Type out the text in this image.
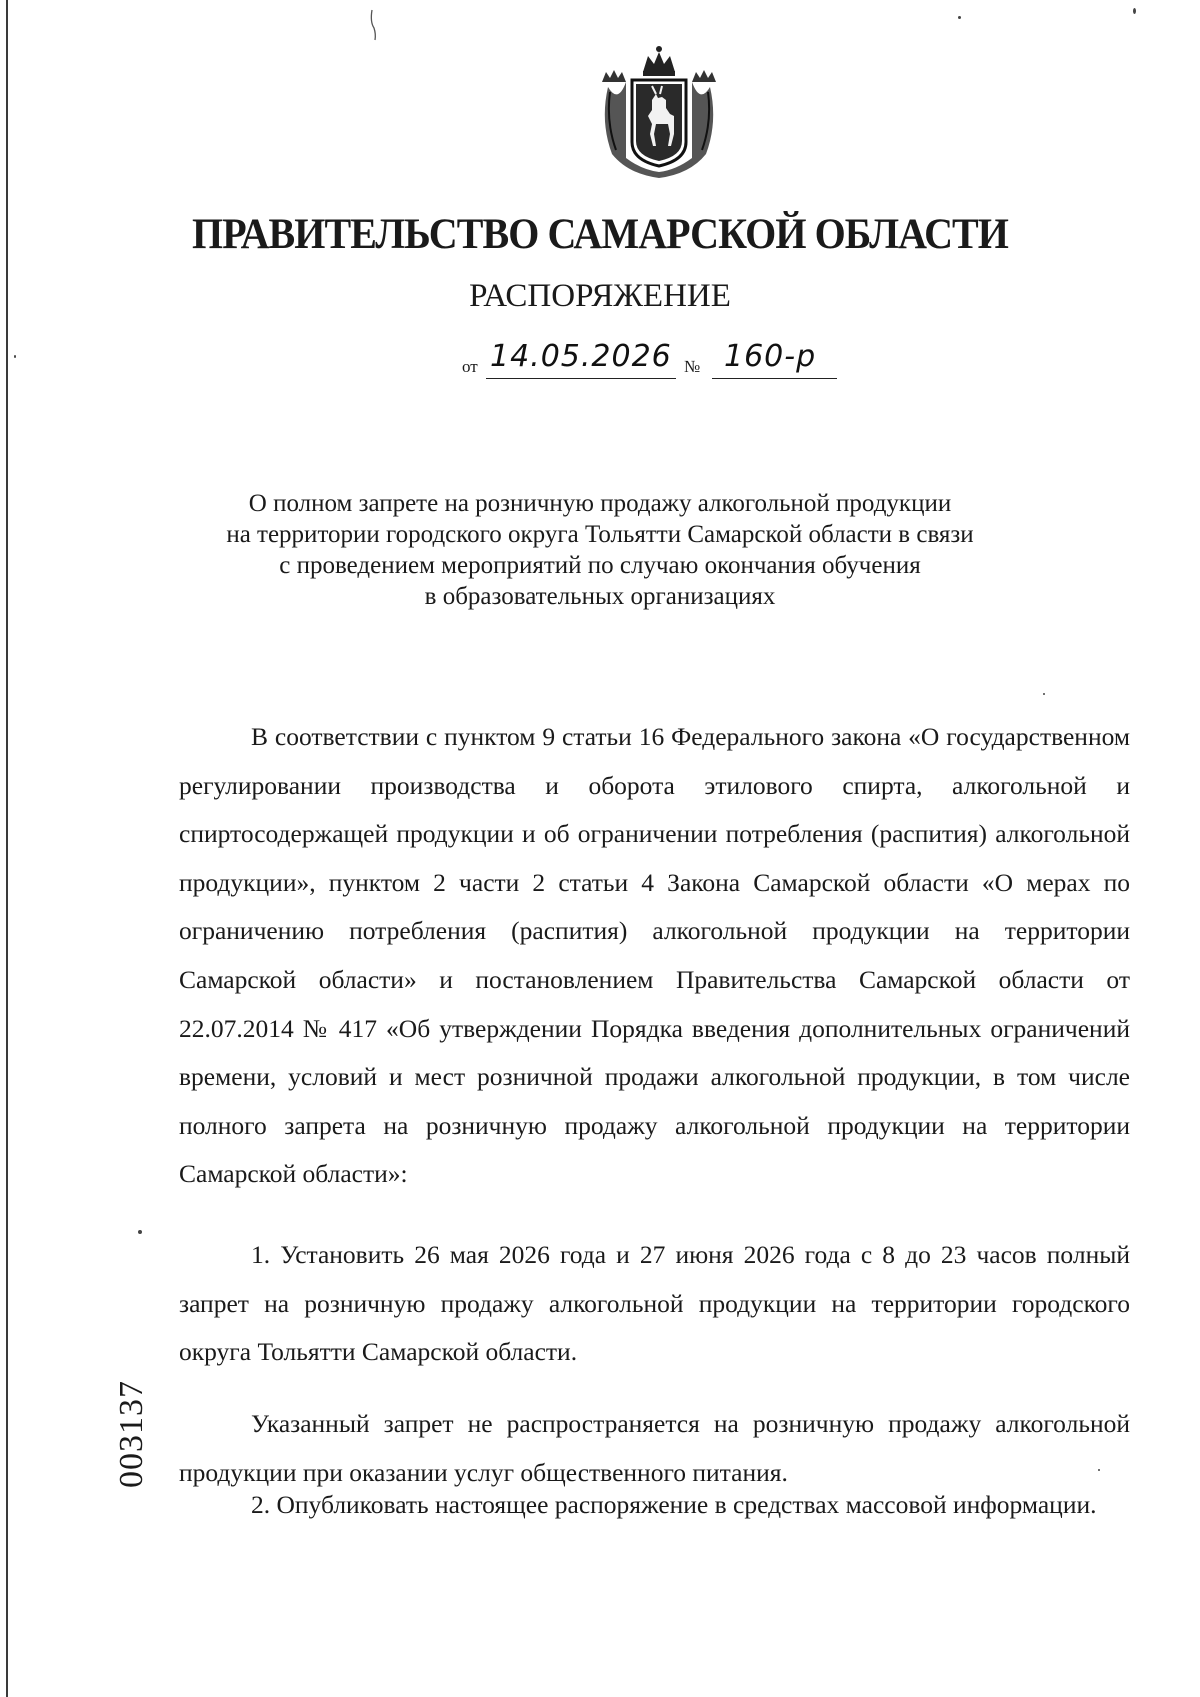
ПРАВИТЕЛЬСТВО САМАРСКОЙ ОБЛАСТИ
РАСПОРЯЖЕНИЕ
от 14.05.2026 № 160-р
О полном запрете на розничную продажу алкогольной продукции
на территории городского округа Тольятти Самарской области в связи
с проведением мероприятий по случаю окончания обучения
в образовательных организациях
В соответствии с пунктом 9 статьи 16 Федерального закона «О государственном регулировании производства и оборота этилового спирта, алкогольной и спиртосодержащей продукции и об ограничении потребления (распития) алкогольной продукции», пунктом 2 части 2 статьи 4 Закона Самарской области «О мерах по ограничению потребления (распития) алкогольной продукции на территории Самарской области» и постановлением Правительства Самарской области от 22.07.2014 № 417 «Об утверждении Порядка введения дополнительных ограничений времени, условий и мест розничной продажи алкогольной продукции, в том числе полного запрета на розничную продажу алкогольной продукции на территории Самарской области»:
1. Установить 26 мая 2026 года и 27 июня 2026 года с 8 до 23 часов полный запрет на розничную продажу алкогольной продукции на территории городского округа Тольятти Самарской области.
Указанный запрет не распространяется на розничную продажу алкогольной продукции при оказании услуг общественного питания.
2. Опубликовать настоящее распоряжение в средствах массовой информации.
003137
